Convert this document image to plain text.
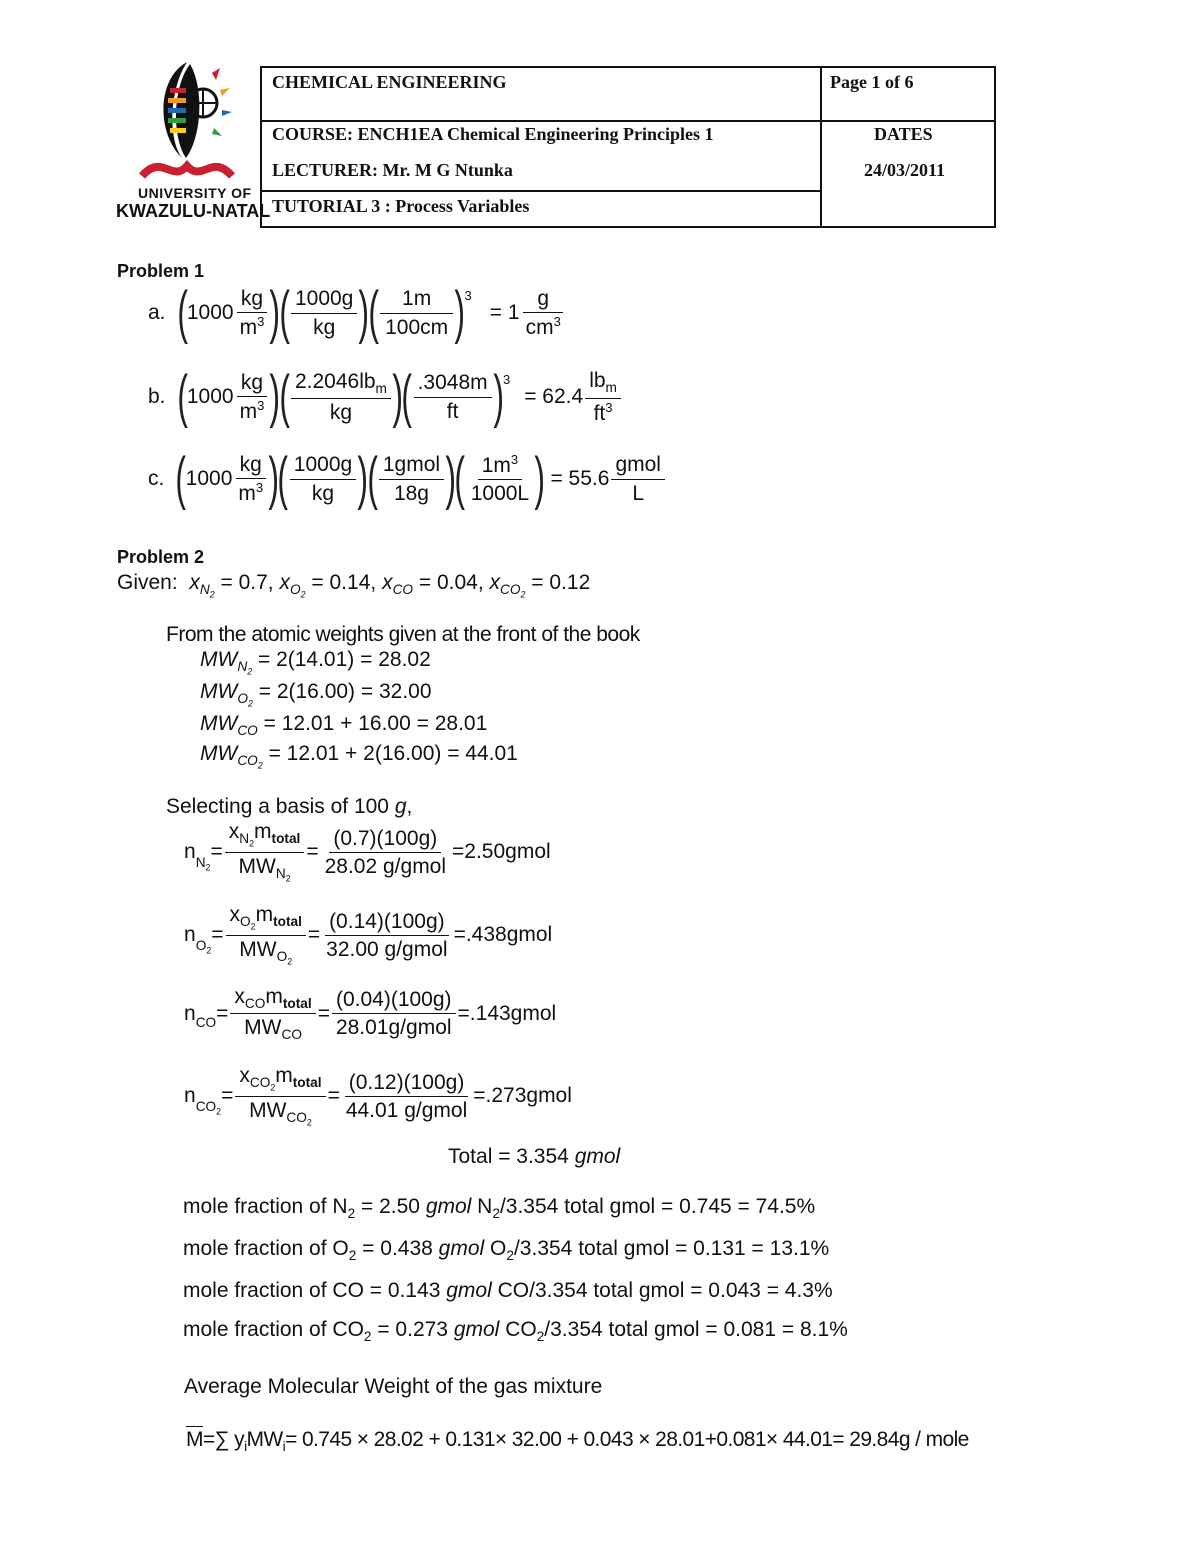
UNIVERSITY OF
KWAZULU-NATAL
CHEMICAL ENGINEERING	Page 1 of 6
COURSE: ENCH1EA Chemical Engineering Principles 1
LECTURER: Mr. M G Ntunka
TUTORIAL 3 : Process Variables
DATES
24/03/2011
Problem 1
a. ( $1000 \frac{kg}{m^3}$ )
( $\frac{1000g}{kg}$ )
( $\frac{1m}{100cm} )^3$
= $1 \frac{g}{cm^3}$
b. ( $1000 \frac{kg}{m^3}$ )
( $\frac{2.2046lb_m}{kg}$ )
( $\frac{.3048m}{ft} )^3$
= $62.4 \frac{lb_m}{ft^3}$
c. ( $1000 \frac{kg}{m^3}$ )
( $\frac{1000g}{kg}$ )
( $\frac{\text{1gmol}}{18g}$ )
( $\frac{1m^3}{1000L}$ ) = $55.6 \frac{\text{gmol}}{L}$
Problem 2
Given: $x_{N_2} = 0.7$, $x_{O_2} = 0.14$, $x_{CO} = 0.04$, $x_{CO_2} = 0.12$
From the atomic weights given at the front of the book
$MW_{N_2} = 2(14.01) = 28.02$
$MW_{O_2} = 2(16.00) = 32.00$
$MW_{CO} = 12.01 + 16.00 = 28.01$
$MW_{CO_2} = 12.01 + 2(16.00) = 44.01$
Selecting a basis of 100 g,
n $_{N_2}$
= $\frac{x_{N_2}m_{total}}{MW_{N_2}} = \frac{(0.7)(100g)}{\text{28.02 g/gmol}}$ =2.50gmol
n $_{O_2}$
= $\frac{x_{O_2}m_{total}}{MW_{O_2}} = \frac{(0.14)(100g)}{\text{32.00 g/gmol}}$ =.438gmol
n $_{CO} = \frac{x_{CO}m_{total}}{MW_{CO}} = \frac{(0.04)(100g)}{\text{28.01g/gmol}}$ =.143gmol
n $_{CO_2}$
= $\frac{x_{CO_2}m_{total}}{MW_{CO_2}} = \frac{(0.12)(100g)}{\text{44.01 g/gmol}}$ =.273gmol
Total = 3.354 gmol
mole fraction of $N_2 = 2.50$ gmol $N_2/3.354$ total gmol = 0.745 = 74.5%
mole fraction of $O_2 = 0.438$ gmol $O_2/3.354$ total gmol = 0.131 = 13.1%
mole fraction of CO = 0.143 gmol CO/3.354 total gmol = 0.043 = 4.3%
mole fraction of $CO_2 = 0.273$ gmol $CO_2/3.354$ total gmol = 0.081 = 8.1%
Average Molecular Weight of the gas mixture
M=∑ $y_iMW_i= 0.745 \times 28.02 + 0.131\times 32.00 + 0.043 \times 28.01+0.081\times 44.01= 29.84g$ / mole
